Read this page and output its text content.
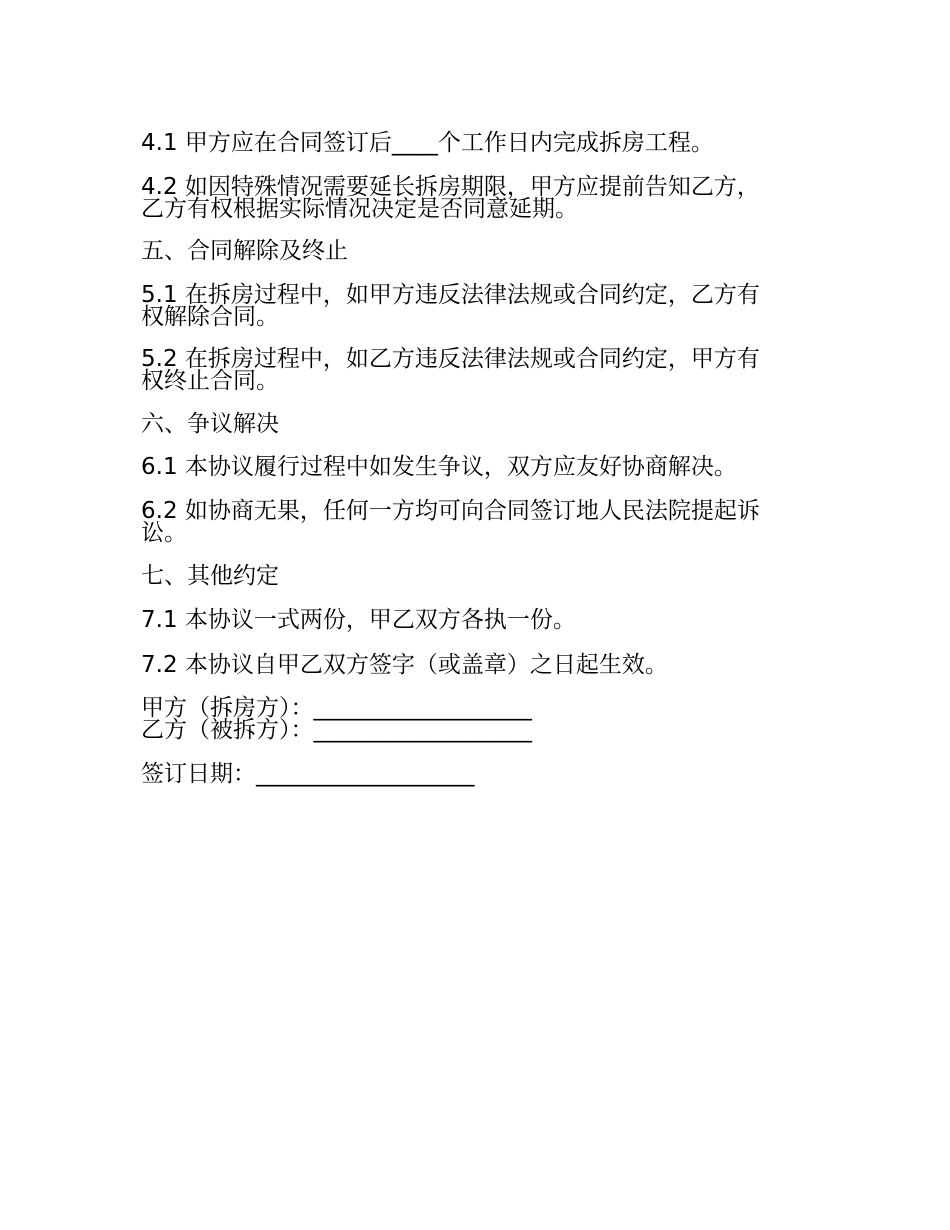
4.1 甲方应在合同签订后____个工作日内完成拆房工程。
4.2 如因特殊情况需要延长拆房期限，甲方应提前告知乙方，
乙方有权根据实际情况决定是否同意延期。
五、合同解除及终止
5.1 在拆房过程中，如甲方违反法律法规或合同约定，乙方有
权解除合同。
5.2 在拆房过程中，如乙方违反法律法规或合同约定，甲方有
权终止合同。
六、争议解决
6.1 本协议履行过程中如发生争议，双方应友好协商解决。
6.2 如协商无果，任何一方均可向合同签订地人民法院提起诉
讼。
七、其他约定
7.1 本协议一式两份，甲乙双方各执一份。
7.2 本协议自甲乙双方签字（或盖章）之日起生效。
甲方（拆房方）：___________________
乙方（被拆方）：___________________
签订日期：___________________
